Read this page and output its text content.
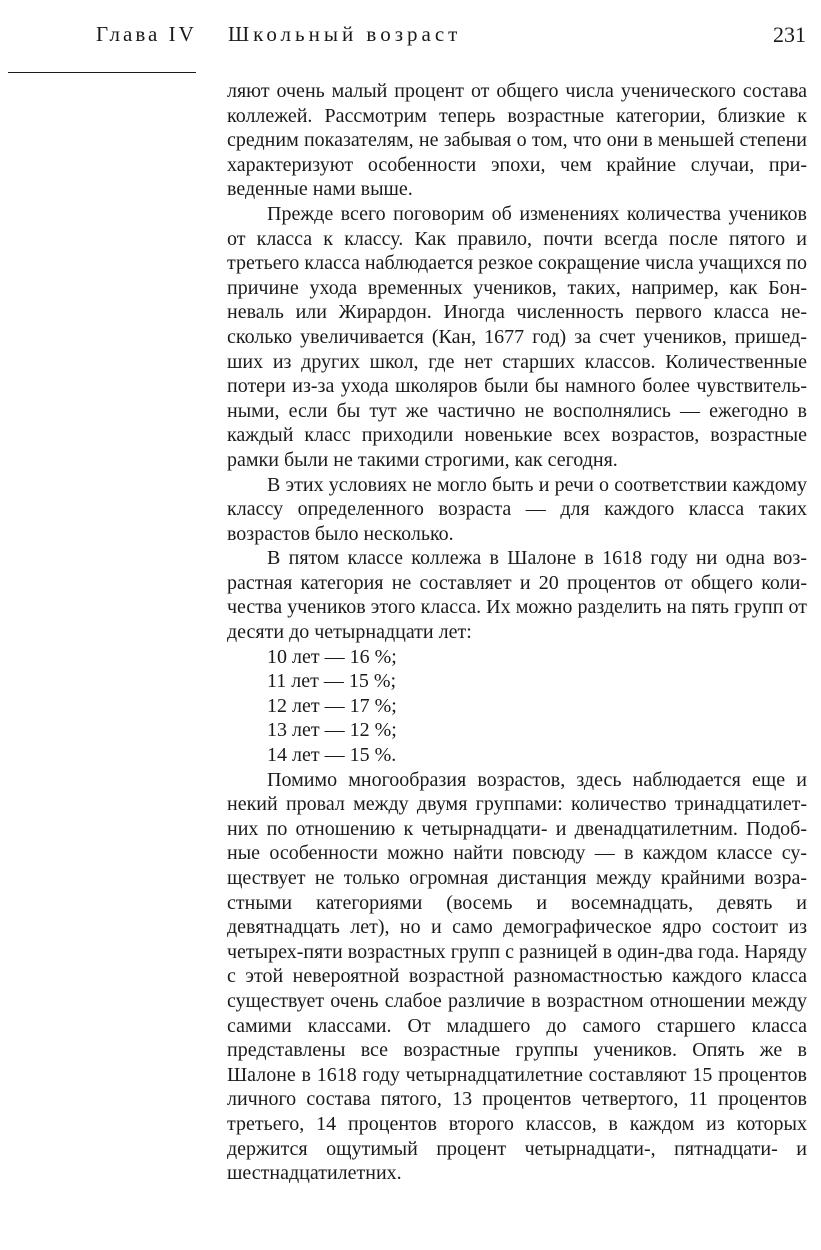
Глава IV Школьный возраст	231

ляют очень малый процент от общего числа ученического состава коллежей. Рассмотрим теперь возрастные категории, близкие к средним показателям, не забывая о том, что они в меньшей степени характеризуют особенности эпохи, чем крайние случаи, приведенные нами выше.

Прежде всего поговорим об изменениях количества учеников от класса к классу. Как правило, почти всегда после пятого и третьего класса наблюдается резкое сокращение числа учащихся по причине ухода временных учеников, таких, например, как Бонневаль или Жирардон. Иногда численность первого класса несколько увеличивается (Кан, 1677 год) за счет учеников, пришедших из других школ, где нет старших классов. Количественные потери из-за ухода школяров были бы намного более чувствительными, если бы тут же частично не восполнялись — ежегодно в каждый класс приходили новенькие всех возрастов, возрастные рамки были не такими строгими, как сегодня.

В этих условиях не могло быть и речи о соответствии каждому классу определенного возраста — для каждого класса таких возрастов было несколько.

В пятом классе коллежа в Шалоне в 1618 году ни одна возрастная категория не составляет и 20 процентов от общего количества учеников этого класса. Их можно разделить на пять групп от десяти до четырнадцати лет:

10 лет — 16 %;
11 лет — 15 %;
12 лет — 17 %;
13 лет — 12 %;
14 лет — 15 %.

Помимо многообразия возрастов, здесь наблюдается еще и некий провал между двумя группами: количество тринадцатилетних по отношению к четырнадцати- и двенадцатилетним. Подобные особенности можно найти повсюду — в каждом классе существует не только огромная дистанция между крайними возрастными категориями (восемь и восемнадцать, девять и девятнадцать лет), но и само демографическое ядро состоит из четырех-пяти возрастных групп с разницей в один-два года. Наряду с этой невероятной возрастной разномастностью каждого класса существует очень слабое различие в возрастном отношении между самими классами. От младшего до самого старшего класса представлены все возрастные группы учеников. Опять же в Шалоне в 1618 году четырнадцатилетние составляют 15 процентов личного состава пятого, 13 процентов четвертого, 11 процентов третьего, 14 процентов второго классов, в каждом из которых держится ощутимый процент четырнадцати-, пятнадцати- и шестнадцатилетних.
